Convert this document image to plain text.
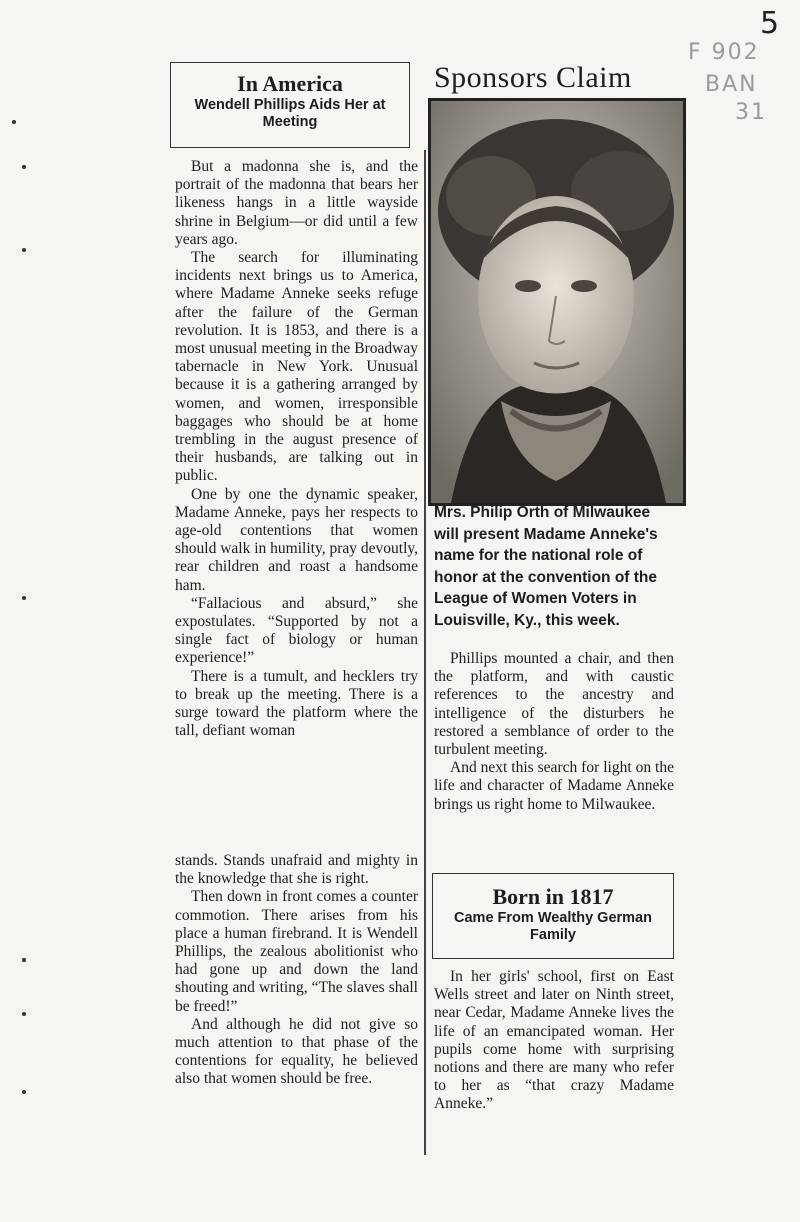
5
F 902
BAN
31
In America
Wendell Phillips Aids Her at Meeting
Sponsors Claim
Mrs. Philip Orth of Milwaukee will present Madame Anneke's name for the national role of honor at the convention of the League of Women Voters in Louisville, Ky., this week.

But a madonna she is, and the portrait of the madonna that bears her likeness hangs in a little wayside shrine in Belgium—or did until a few years ago.

The search for illuminating incidents next brings us to America, where Madame Anneke seeks refuge after the failure of the German revolution. It is 1853, and there is a most unusual meeting in the Broadway tabernacle in New York. Unusual because it is a gathering arranged by women, and women, irresponsible baggages who should be at home trembling in the august presence of their husbands, are talking out in public.

One by one the dynamic speaker, Madame Anneke, pays her respects to age-old contentions that women should walk in humility, pray devoutly, rear children and roast a handsome ham.

“Fallacious and absurd,” she expostulates. “Supported by not a single fact of biology or human experience!”

There is a tumult, and hecklers try to break up the meeting. There is a surge toward the platform where the tall, defiant woman

stands. Stands unafraid and mighty in the knowledge that she is right.

Then down in front comes a counter commotion. There arises from his place a human firebrand. It is Wendell Phillips, the zealous abolitionist who had gone up and down the land shouting and writing, “The slaves shall be freed!”

And although he did not give so much attention to that phase of the contentions for equality, he believed also that women should be free.

Phillips mounted a chair, and then the platform, and with caustic references to the ancestry and intelligence of the disturbers he restored a semblance of order to the turbulent meeting.

And next this search for light on the life and character of Madame Anneke brings us right home to Milwaukee.

Born in 1817
Came From Wealthy German Family

In her girls' school, first on East Wells street and later on Ninth street, near Cedar, Madame Anneke lives the life of an emancipated woman. Her pupils come home with surprising notions and there are many who refer to her as “that crazy Madame Anneke.”
